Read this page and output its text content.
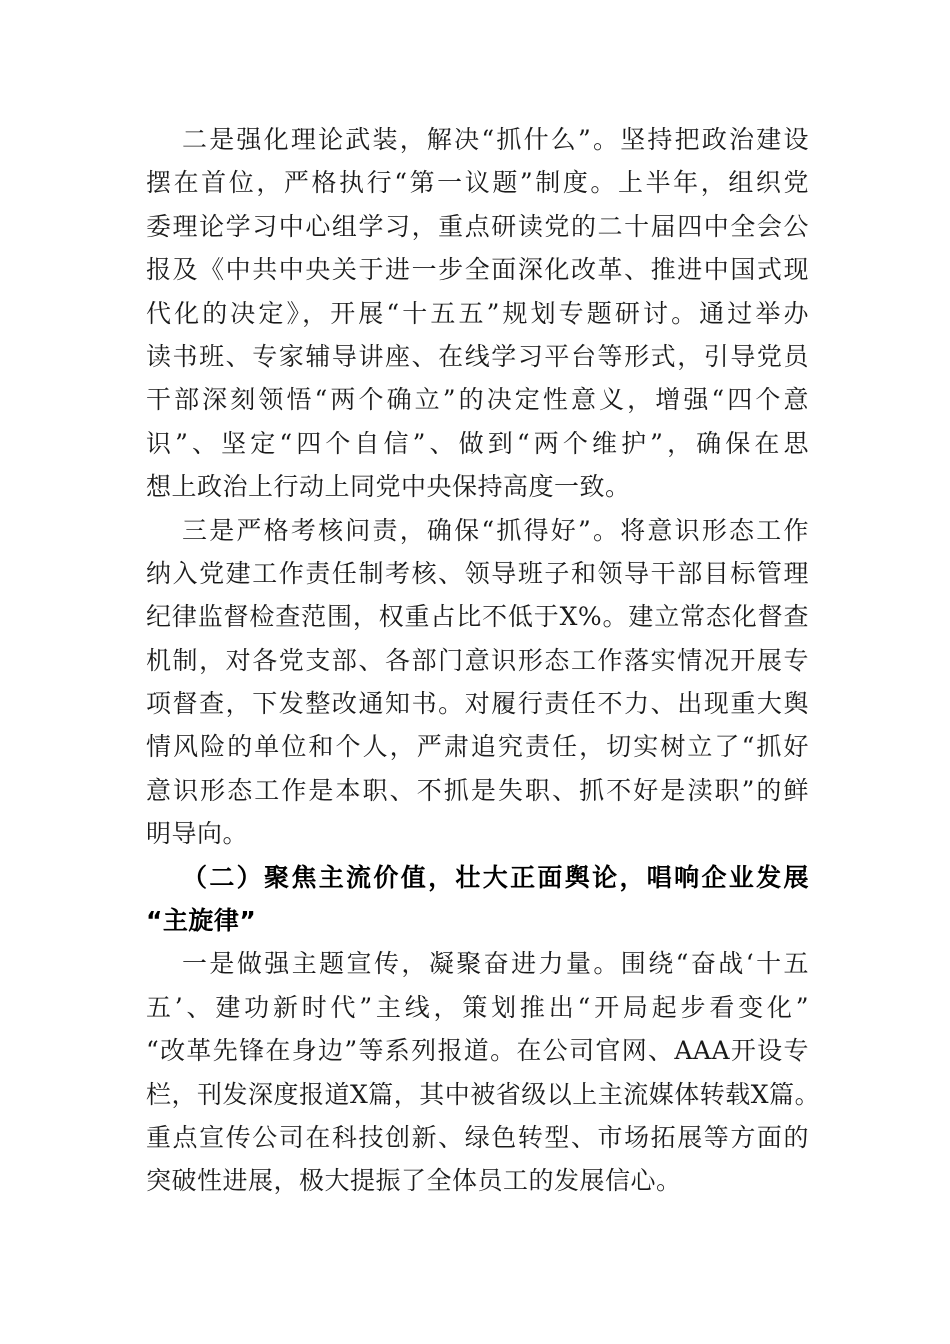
二是强化理论武装，解决“抓什么”。坚持把政治建设
摆在首位，严格执行“第一议题”制度。上半年，组织党
委理论学习中心组学习，重点研读党的二十届四中全会公
报及《中共中央关于进一步全面深化改革、推进中国式现
代化的决定》，开展“十五五”规划专题研讨。通过举办
读书班、专家辅导讲座、在线学习平台等形式，引导党员
干部深刻领悟“两个确立”的决定性意义，增强“四个意
识”、坚定“四个自信”、做到“两个维护”，确保在思
想上政治上行动上同党中央保持高度一致。
三是严格考核问责，确保“抓得好”。将意识形态工作
纳入党建工作责任制考核、领导班子和领导干部目标管理
纪律监督检查范围，权重占比不低于X%。建立常态化督查
机制，对各党支部、各部门意识形态工作落实情况开展专
项督查，下发整改通知书。对履行责任不力、出现重大舆
情风险的单位和个人，严肃追究责任，切实树立了“抓好
意识形态工作是本职、不抓是失职、抓不好是渎职”的鲜
明导向。
（二）聚焦主流价值，壮大正面舆论，唱响企业发展
“主旋律”
一是做强主题宣传，凝聚奋进力量。围绕“奋战‘十五
五’、建功新时代”主线，策划推出“开局起步看变化”
“改革先锋在身边”等系列报道。在公司官网、AAA开设专
栏，刊发深度报道X篇，其中被省级以上主流媒体转载X篇。
重点宣传公司在科技创新、绿色转型、市场拓展等方面的
突破性进展，极大提振了全体员工的发展信心。
